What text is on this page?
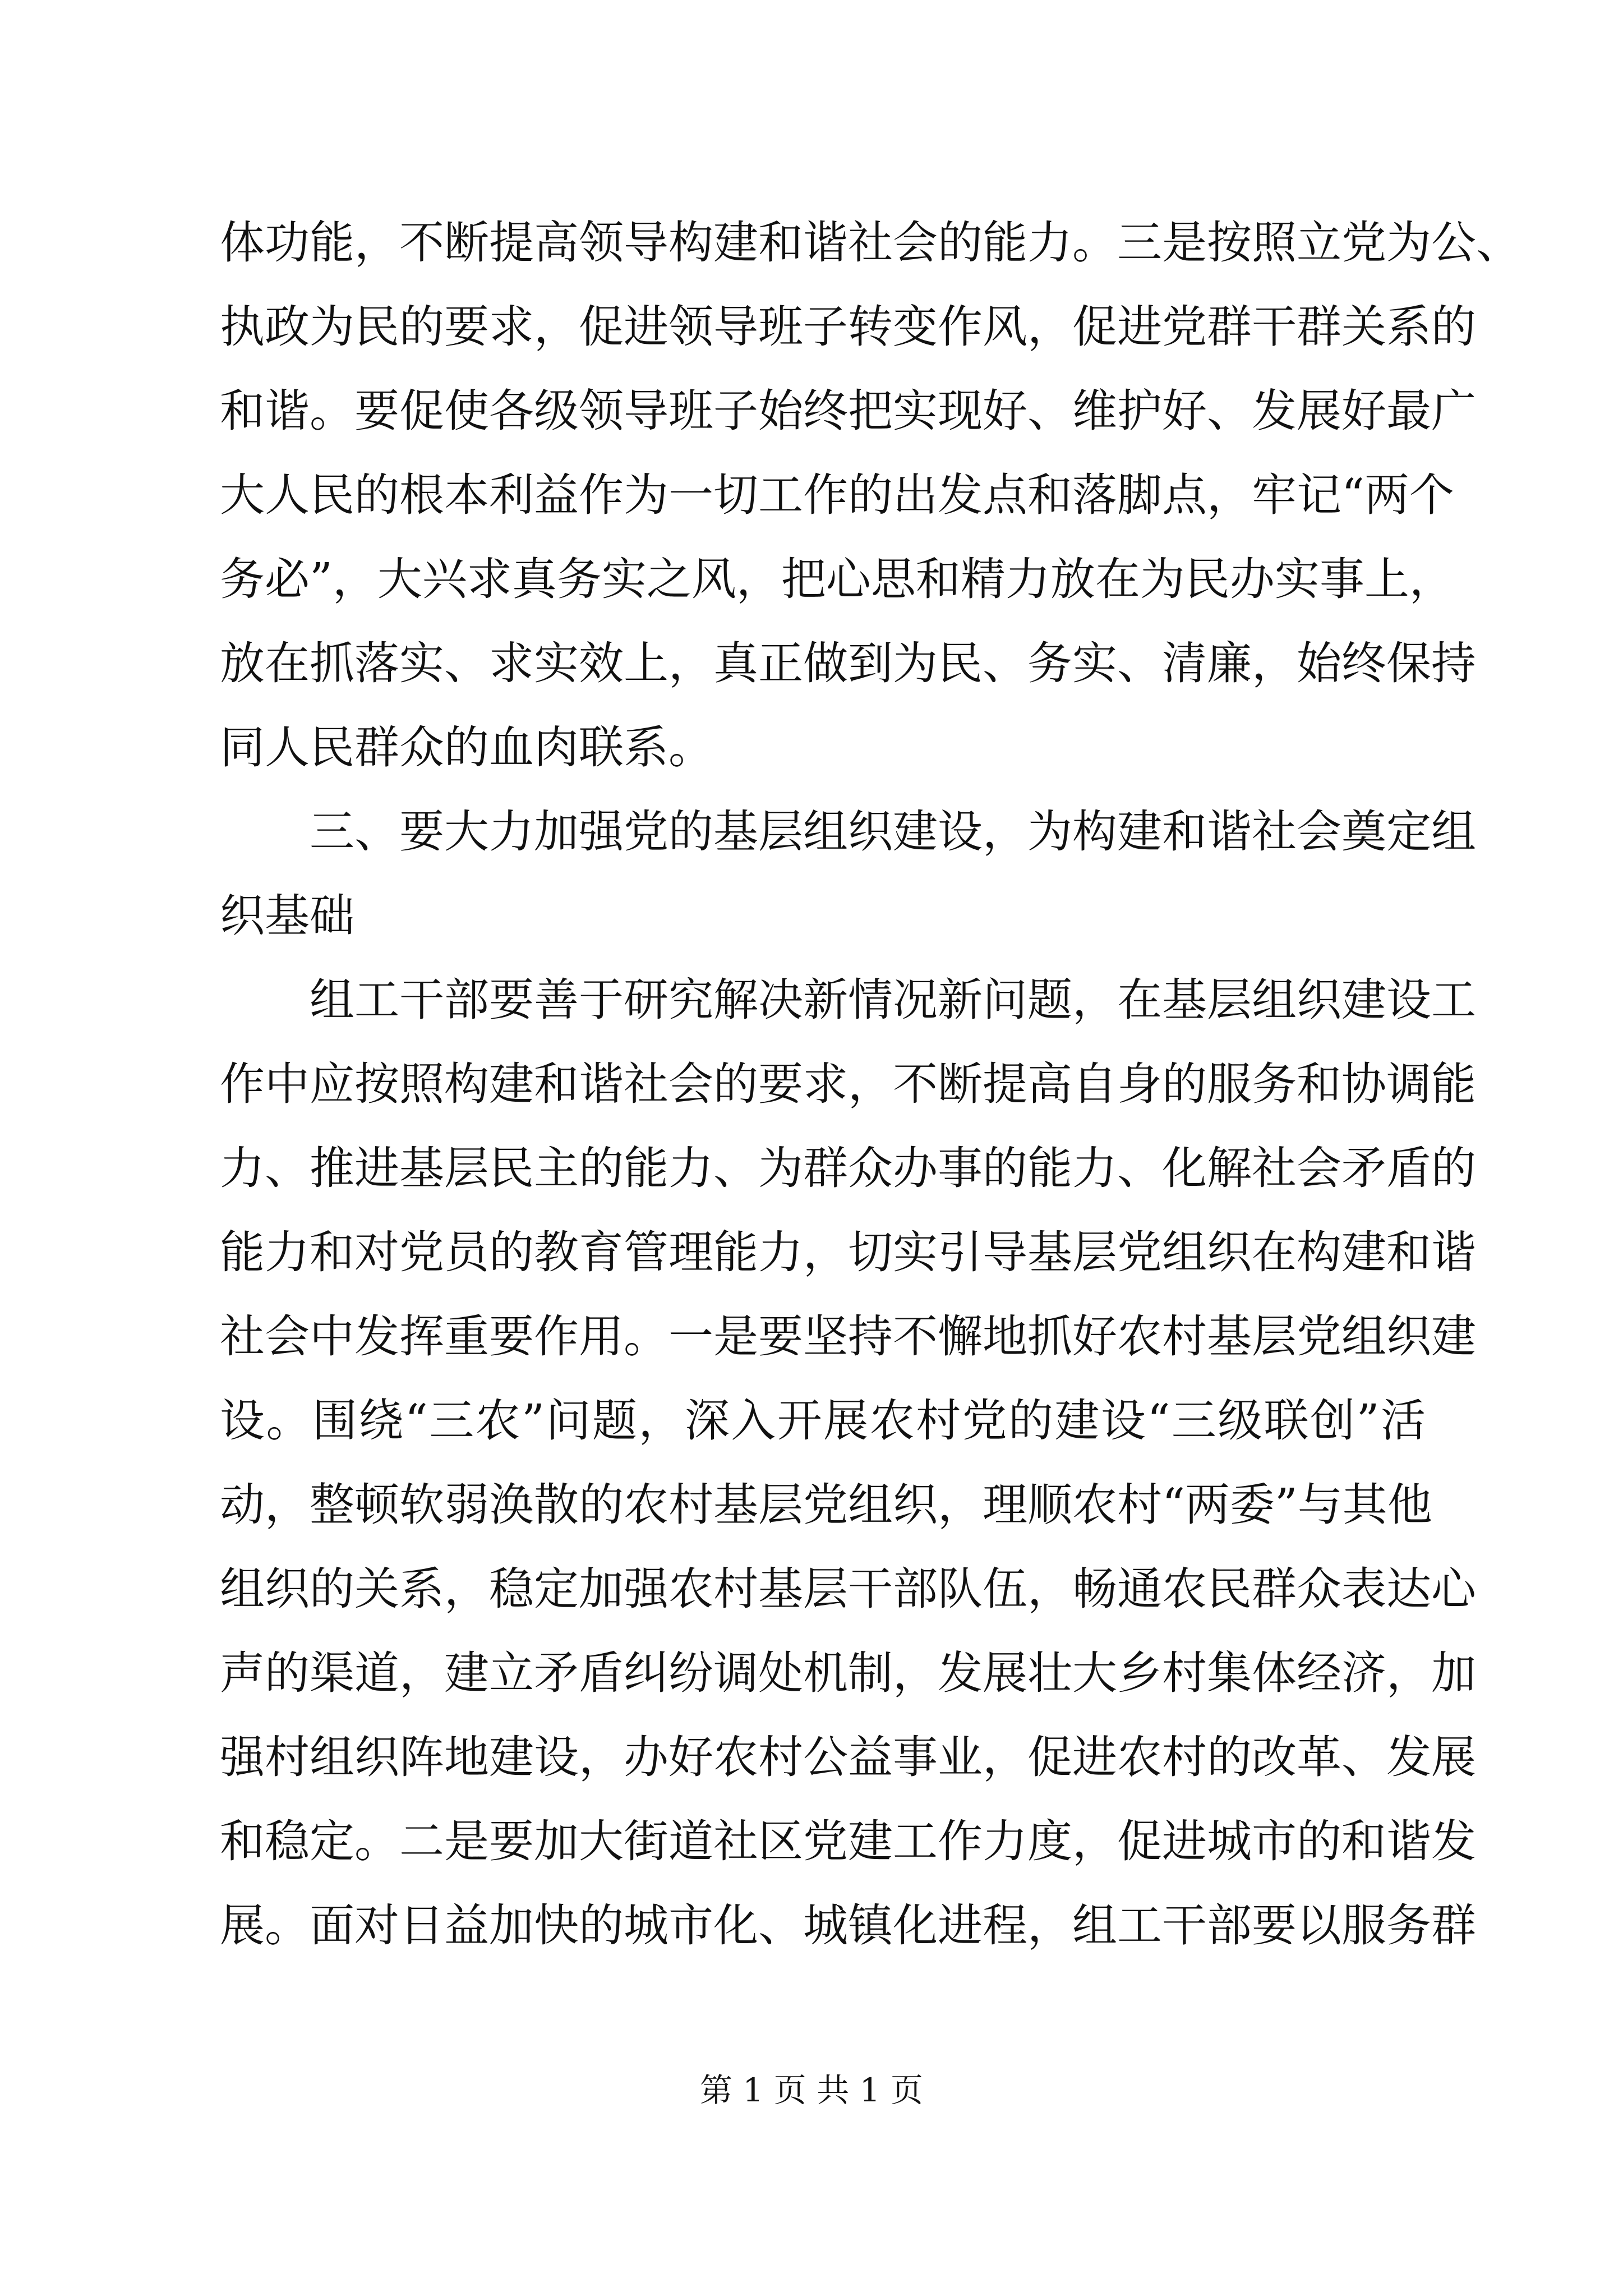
体功能，不断提高领导构建和谐社会的能力。三是按照立党为公、
执政为民的要求，促进领导班子转变作风，促进党群干群关系的
和谐。要促使各级领导班子始终把实现好、维护好、发展好最广
大人民的根本利益作为一切工作的出发点和落脚点，牢记“两个
务必”，大兴求真务实之风，把心思和精力放在为民办实事上，
放在抓落实、求实效上，真正做到为民、务实、清廉，始终保持
同人民群众的血肉联系。
三、要大力加强党的基层组织建设，为构建和谐社会奠定组
织基础
组工干部要善于研究解决新情况新问题，在基层组织建设工
作中应按照构建和谐社会的要求，不断提高自身的服务和协调能
力、推进基层民主的能力、为群众办事的能力、化解社会矛盾的
能力和对党员的教育管理能力，切实引导基层党组织在构建和谐
社会中发挥重要作用。一是要坚持不懈地抓好农村基层党组织建
设。围绕“三农”问题，深入开展农村党的建设“三级联创”活
动，整顿软弱涣散的农村基层党组织，理顺农村“两委”与其他
组织的关系，稳定加强农村基层干部队伍，畅通农民群众表达心
声的渠道，建立矛盾纠纷调处机制，发展壮大乡村集体经济，加
强村组织阵地建设，办好农村公益事业，促进农村的改革、发展
和稳定。二是要加大街道社区党建工作力度，促进城市的和谐发
展。面对日益加快的城市化、城镇化进程，组工干部要以服务群
第 1 页 共 1 页
